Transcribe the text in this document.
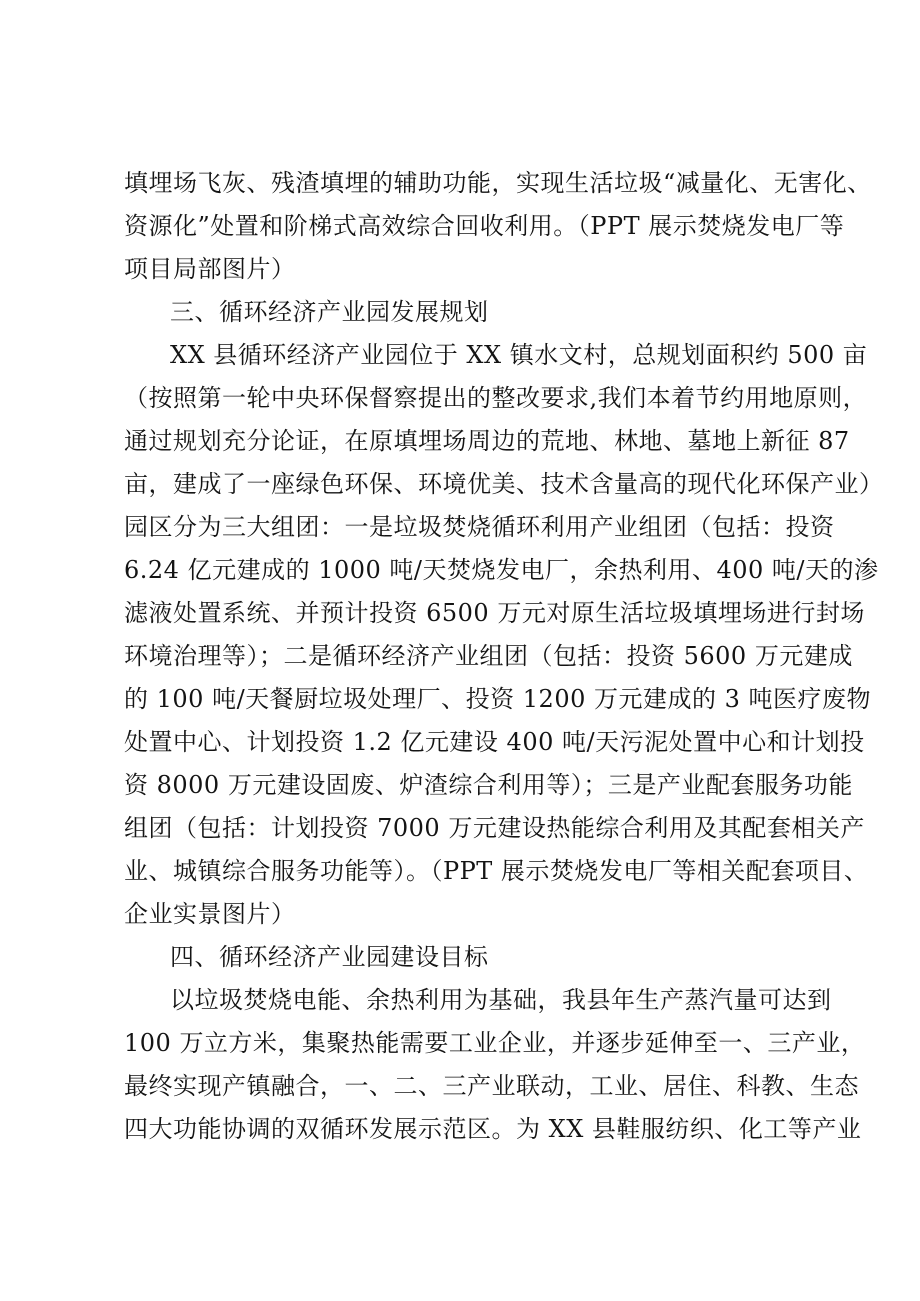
填埋场飞灰、残渣填埋的辅助功能，实现生活垃圾“减量化、无害化、
资源化”处置和阶梯式高效综合回收利用。（PPT 展示焚烧发电厂等
项目局部图片）
三、循环经济产业园发展规划
XX 县循环经济产业园位于 XX 镇水文村，总规划面积约 500 亩
（按照第一轮中央环保督察提出的整改要求,我们本着节约用地原则，
通过规划充分论证，在原填埋场周边的荒地、林地、墓地上新征 87
亩，建成了一座绿色环保、环境优美、技术含量高的现代化环保产业）
园区分为三大组团：一是垃圾焚烧循环利用产业组团（包括：投资
6.24 亿元建成的 1000 吨/天焚烧发电厂，余热利用、400 吨/天的渗
滤液处置系统、并预计投资 6500 万元对原生活垃圾填埋场进行封场
环境治理等）；二是循环经济产业组团（包括：投资 5600 万元建成
的 100 吨/天餐厨垃圾处理厂、投资 1200 万元建成的 3 吨医疗废物
处置中心、计划投资 1.2 亿元建设 400 吨/天污泥处置中心和计划投
资 8000 万元建设固废、炉渣综合利用等）；三是产业配套服务功能
组团（包括：计划投资 7000 万元建设热能综合利用及其配套相关产
业、城镇综合服务功能等）。（PPT 展示焚烧发电厂等相关配套项目、
企业实景图片）
四、循环经济产业园建设目标
以垃圾焚烧电能、余热利用为基础，我县年生产蒸汽量可达到
100 万立方米，集聚热能需要工业企业，并逐步延伸至一、三产业，
最终实现产镇融合，一、二、三产业联动，工业、居住、科教、生态
四大功能协调的双循环发展示范区。为 XX 县鞋服纺织、化工等产业
